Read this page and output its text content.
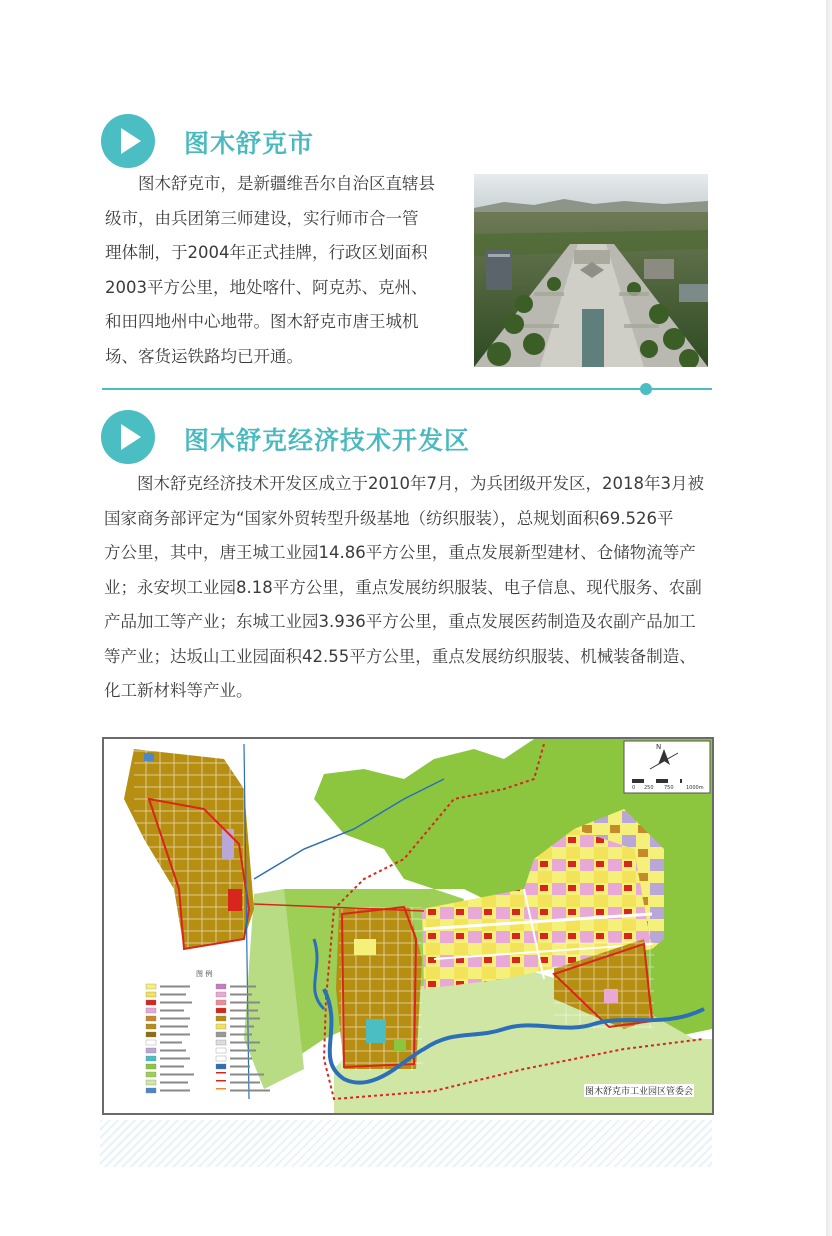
图木舒克市
图木舒克市，是新疆维吾尔自治区直辖县
级市，由兵团第三师建设，实行师市合一管
理体制，于2004年正式挂牌，行政区划面积
2003平方公里，地处喀什、阿克苏、克州、
和田四地州中心地带。图木舒克市唐王城机
场、客货运铁路均已开通。
图木舒克经济技术开发区
图木舒克经济技术开发区成立于2010年7月，为兵团级开发区，2018年3月被
国家商务部评定为“国家外贸转型升级基地（纺织服装），总规划面积69.526平
方公里，其中，唐王城工业园14.86平方公里，重点发展新型建材、仓储物流等产
业；永安坝工业园8.18平方公里，重点发展纺织服装、电子信息、现代服务、农副
产品加工等产业；东城工业园3.936平方公里，重点发展医药制造及农副产品加工
等产业；达坂山工业园面积42.55平方公里，重点发展纺织服装、机械装备制造、
化工新材料等产业。
N
0 250 750 1000m
图 例
图木舒克市工业园区管委会
